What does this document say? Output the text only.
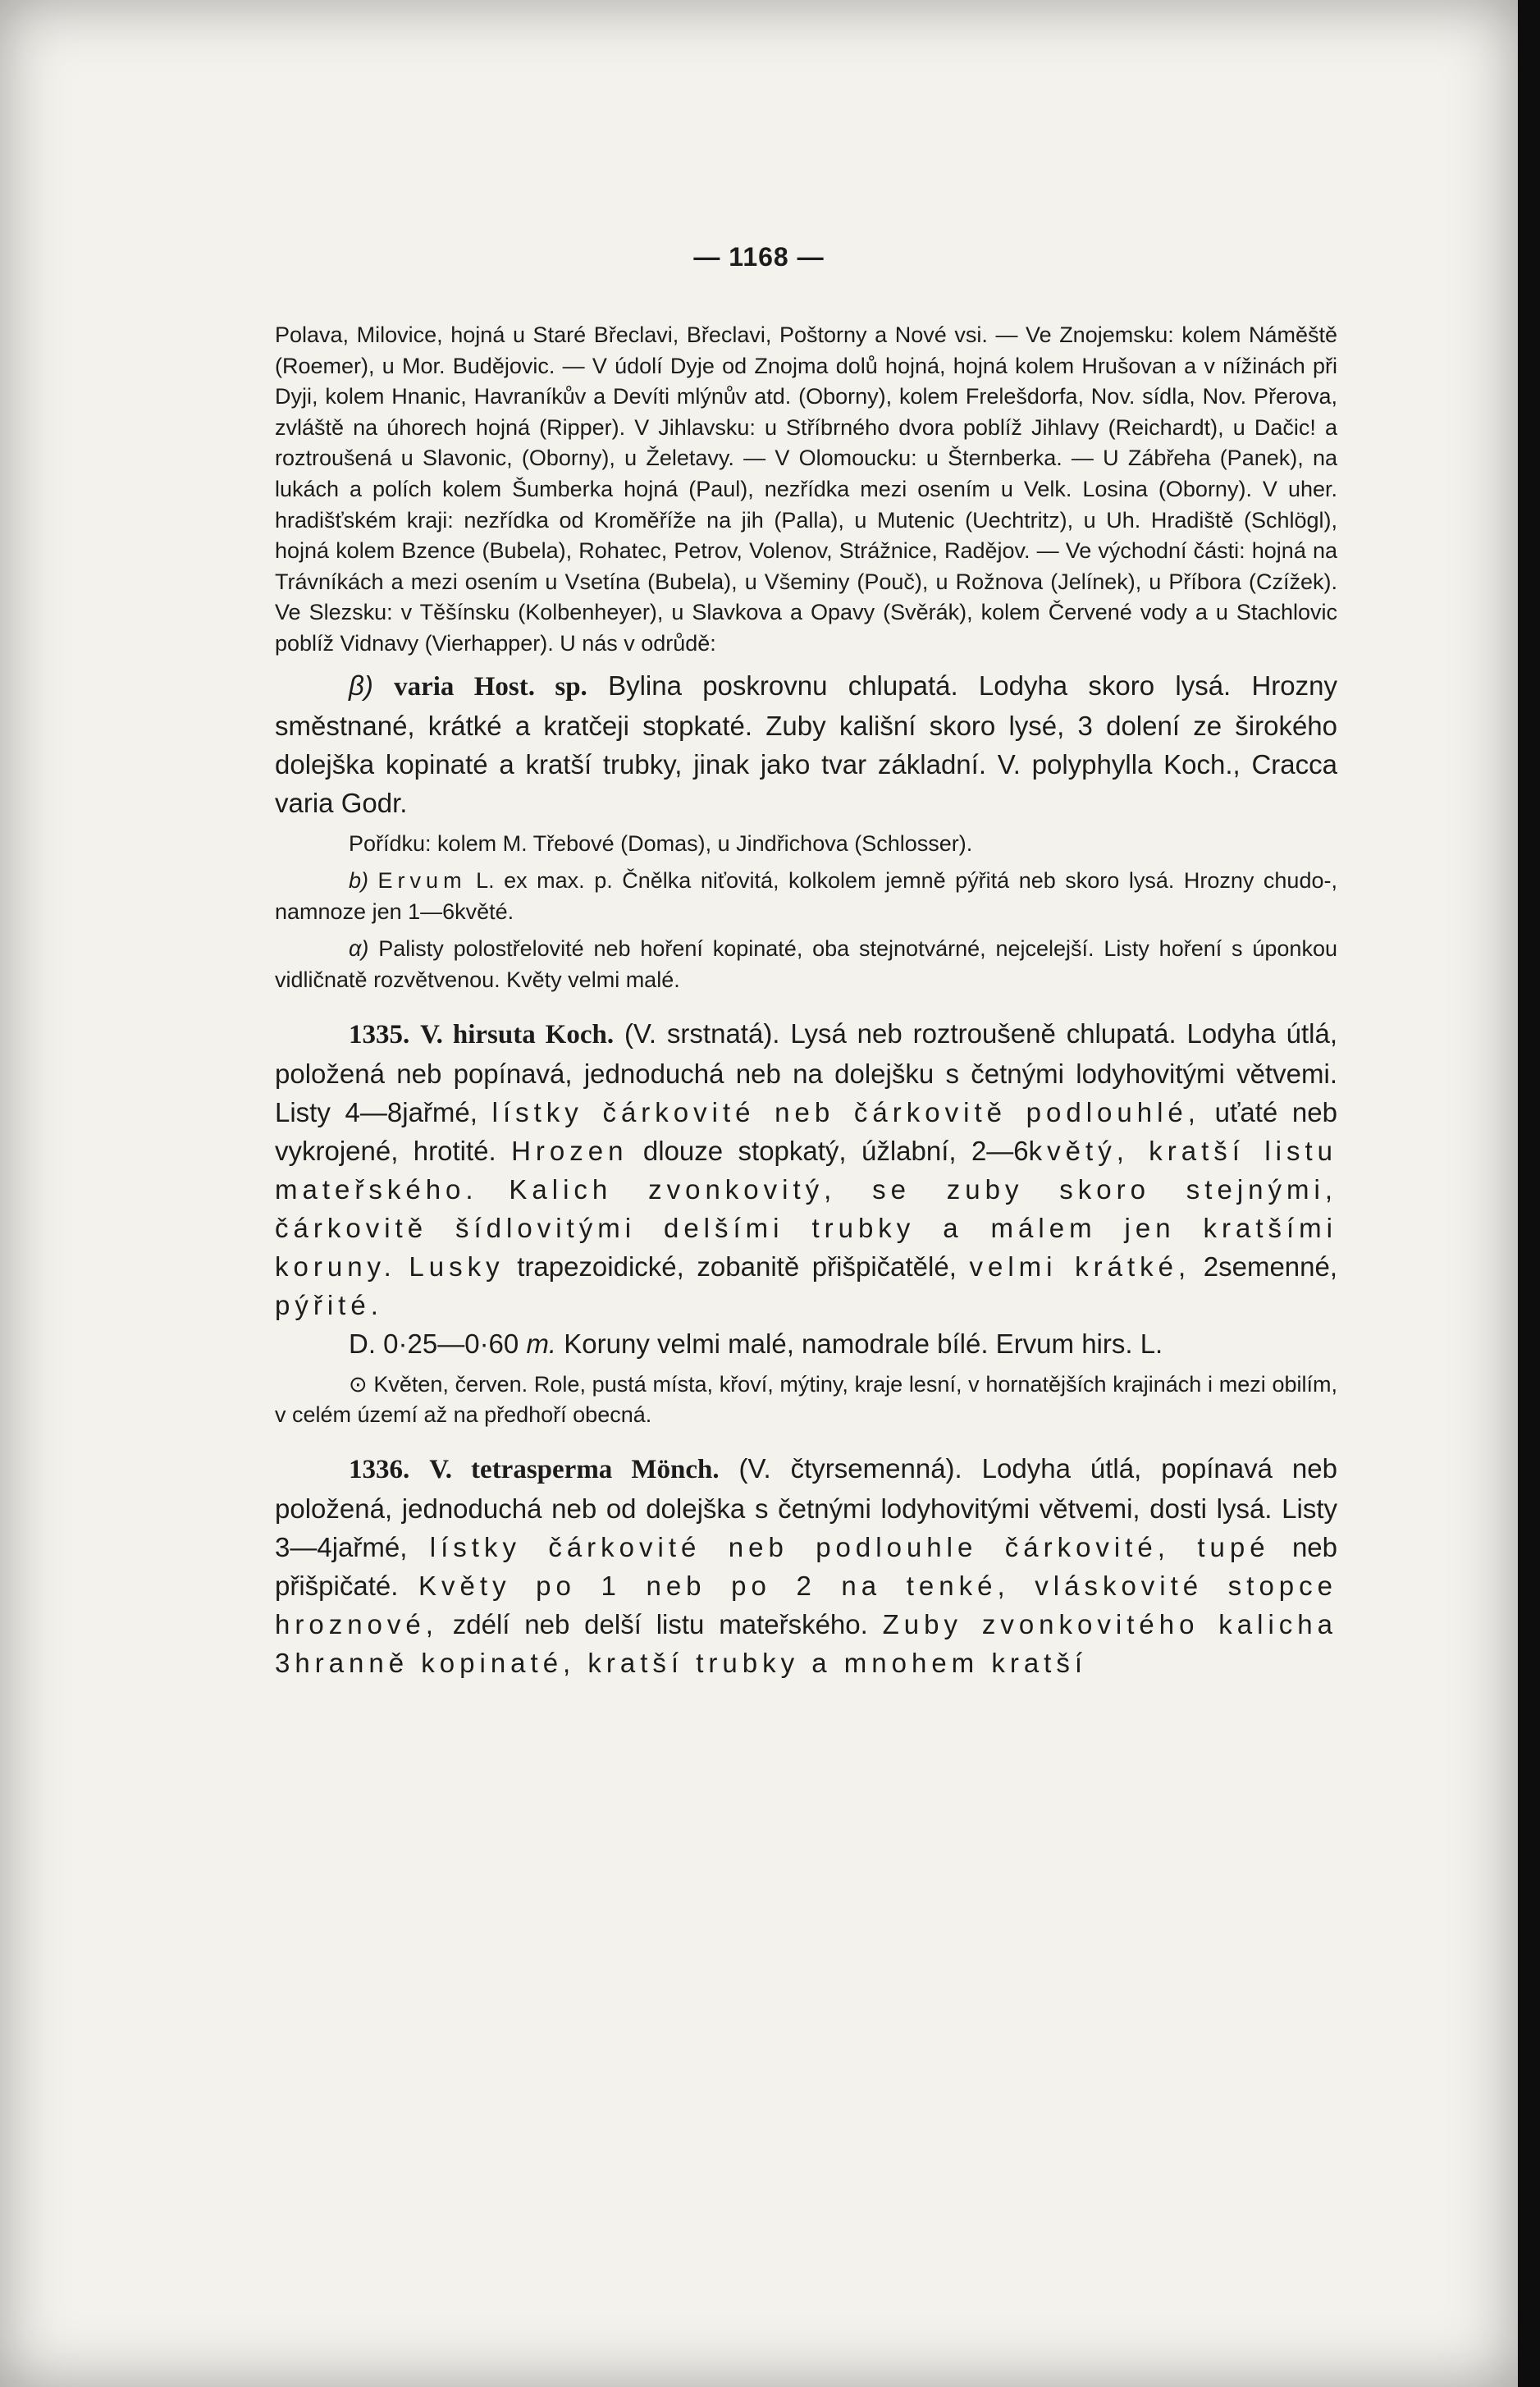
— 1168 —

Polava, Milovice, hojná u Staré Břeclavi, Břeclavi, Poštorny a Nové vsi. — Ve Znojemsku: kolem Náměště (Roemer), u Mor. Budějovic. — V údolí Dyje od Znojma dolů hojná, hojná kolem Hrušovan a v nížinách při Dyji, kolem Hnanic, Havraníkův a Devíti mlýnův atd. (Oborny), kolem Frelešdorfa, Nov. sídla, Nov. Přerova, zvláště na úhorech hojná (Ripper). V Jihlavsku: u Stříbrného dvora poblíž Jihlavy (Reichardt), u Dačic! a roztroušená u Slavonic, (Oborny), u Želetavy. — V Olomoucku: u Šternberka. — U Zábřeha (Panek), na lukách a polích kolem Šumberka hojná (Paul), nezřídka mezi osením u Velk. Losina (Oborny). V uher. hradišťském kraji: nezřídka od Kroměříže na jih (Palla), u Mutenic (Uechtritz), u Uh. Hradiště (Schlögl), hojná kolem Bzence (Bubela), Rohatec, Petrov, Volenov, Strážnice, Radějov. — Ve východní části: hojná na Trávníkách a mezi osením u Vsetína (Bubela), u Všeminy (Pouč), u Rožnova (Jelínek), u Příbora (Czížek). Ve Slezsku: v Těšínsku (Kolbenheyer), u Slavkova a Opavy (Svěrák), kolem Červené vody a u Stachlovic poblíž Vidnavy (Vierhapper). U nás v odrůdě:

β) varia Host. sp. Bylina poskrovnu chlupatá. Lodyha skoro lysá. Hrozny směstnané, krátké a kratčeji stopkaté. Zuby kališní skoro lysé, 3 dolení ze širokého dolejška kopinaté a kratší trubky, jinak jako tvar základní. V. polyphylla Koch., Cracca varia Godr.

Pořídku: kolem M. Třebové (Domas), u Jindřichova (Schlosser).

b) Ervum L. ex max. p. Čnělka niťovitá, kolkolem jemně pýřitá neb skoro lysá. Hrozny chudo-, namnoze jen 1—6květé.

α) Palisty polostřelovité neb hoření kopinaté, oba stejnotvárné, nejcelejší. Listy hoření s úponkou vidličnatě rozvětvenou. Květy velmi malé.

1335. V. hirsuta Koch. (V. srstnatá). Lysá neb roztroušeně chlupatá. Lodyha útlá, položená neb popínavá, jednoduchá neb na dolejšku s četnými lodyhovitými větvemi. Listy 4—8jařmé, lístky čárkovité neb čárkovitě podlouhlé, uťaté neb vykrojené, hrotité. Hrozen dlouze stopkatý, úžlabní, 2—6květý, kratší listu mateřského. Kalich zvonkovitý, se zuby skoro stejnými, čárkovitě šídlovitými delšími trubky a málem jen kratšími koruny. Lusky trapezoidické, zobanitě přišpičatělé, velmi krátké, 2semenné, pýřité.

D. 0·25—0·60 m. Koruny velmi malé, namodrale bílé. Ervum hirs. L.

⊙ Květen, červen. Role, pustá místa, křoví, mýtiny, kraje lesní, v hornatějších krajinách i mezi obilím, v celém území až na předhoří obecná.

1336. V. tetrasperma Mönch. (V. čtyrsemenná). Lodyha útlá, popínavá neb položená, jednoduchá neb od dolejška s četnými lodyhovitými větvemi, dosti lysá. Listy 3—4jařmé, lístky čárkovité neb podlouhle čárkovité, tupé neb přišpičaté. Květy po 1 neb po 2 na tenké, vláskovité stopce hroznové, zdélí neb delší listu mateřského. Zuby zvonkovitého kalicha 3hranně kopinaté, kratší trubky a mnohem kratší
